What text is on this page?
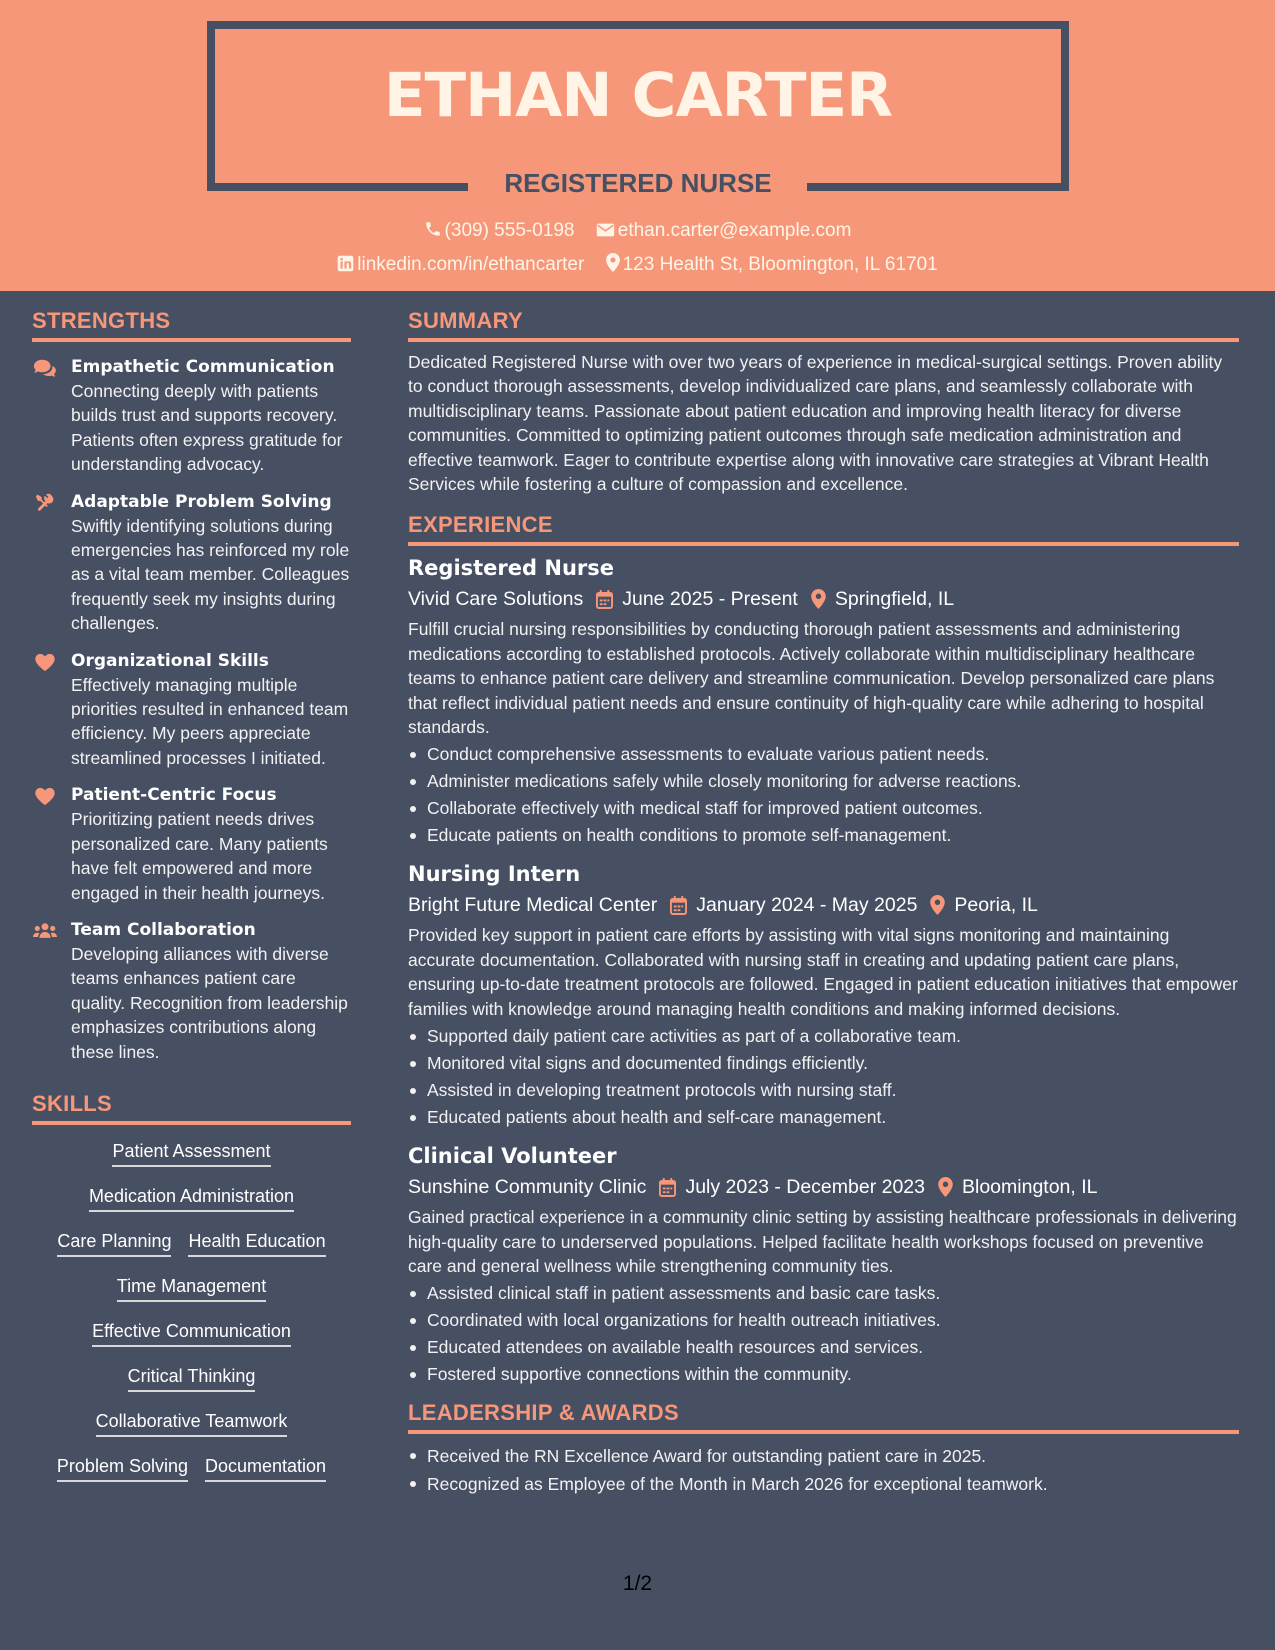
ETHAN CARTER
REGISTERED NURSE
(309) 555-0198 ethan.carter@example.com
linkedin.com/in/ethancarter 123 Health St, Bloomington, IL 61701
STRENGTHS
Empathetic Communication
Connecting deeply with patients builds trust and supports recovery. Patients often express gratitude for understanding advocacy.
Adaptable Problem Solving
Swiftly identifying solutions during emergencies has reinforced my role as a vital team member. Colleagues frequently seek my insights during challenges.
Organizational Skills
Effectively managing multiple priorities resulted in enhanced team efficiency. My peers appreciate streamlined processes I initiated.
Patient-Centric Focus
Prioritizing patient needs drives personalized care. Many patients have felt empowered and more engaged in their health journeys.
Team Collaboration
Developing alliances with diverse teams enhances patient care quality. Recognition from leadership emphasizes contributions along these lines.
SKILLS
Patient Assessment
Medication Administration
Care Planning Health Education
Time Management
Effective Communication
Critical Thinking
Collaborative Teamwork
Problem Solving Documentation
SUMMARY

Dedicated Registered Nurse with over two years of experience in medical-surgical settings. Proven ability to conduct thorough assessments, develop individualized care plans, and seamlessly collaborate with multidisciplinary teams. Passionate about patient education and improving health literacy for diverse communities. Committed to optimizing patient outcomes through safe medication administration and effective teamwork. Eager to contribute expertise along with innovative care strategies at Vibrant Health Services while fostering a culture of compassion and excellence.

EXPERIENCE
Registered Nurse
Vivid Care Solutions June 2025 - Present Springfield, IL

Fulfill crucial nursing responsibilities by conducting thorough patient assessments and administering medications according to established protocols. Actively collaborate within multidisciplinary healthcare teams to enhance patient care delivery and streamline communication. Develop personalized care plans that reflect individual patient needs and ensure continuity of high-quality care while adhering to hospital standards.

Conduct comprehensive assessments to evaluate various patient needs.
Administer medications safely while closely monitoring for adverse reactions.
Collaborate effectively with medical staff for improved patient outcomes.
Educate patients on health conditions to promote self-management.
Nursing Intern
Bright Future Medical Center January 2024 - May 2025 Peoria, IL

Provided key support in patient care efforts by assisting with vital signs monitoring and maintaining accurate documentation. Collaborated with nursing staff in creating and updating patient care plans, ensuring up-to-date treatment protocols are followed. Engaged in patient education initiatives that empower families with knowledge around managing health conditions and making informed decisions.

Supported daily patient care activities as part of a collaborative team.
Monitored vital signs and documented findings efficiently.
Assisted in developing treatment protocols with nursing staff.
Educated patients about health and self-care management.
Clinical Volunteer
Sunshine Community Clinic July 2023 - December 2023 Bloomington, IL

Gained practical experience in a community clinic setting by assisting healthcare professionals in delivering high-quality care to underserved populations. Helped facilitate health workshops focused on preventive care and general wellness while strengthening community ties.

Assisted clinical staff in patient assessments and basic care tasks.
Coordinated with local organizations for health outreach initiatives.
Educated attendees on available health resources and services.
Fostered supportive connections within the community.
LEADERSHIP & AWARDS
Received the RN Excellence Award for outstanding patient care in 2025.
Recognized as Employee of the Month in March 2026 for exceptional teamwork.
1/2
